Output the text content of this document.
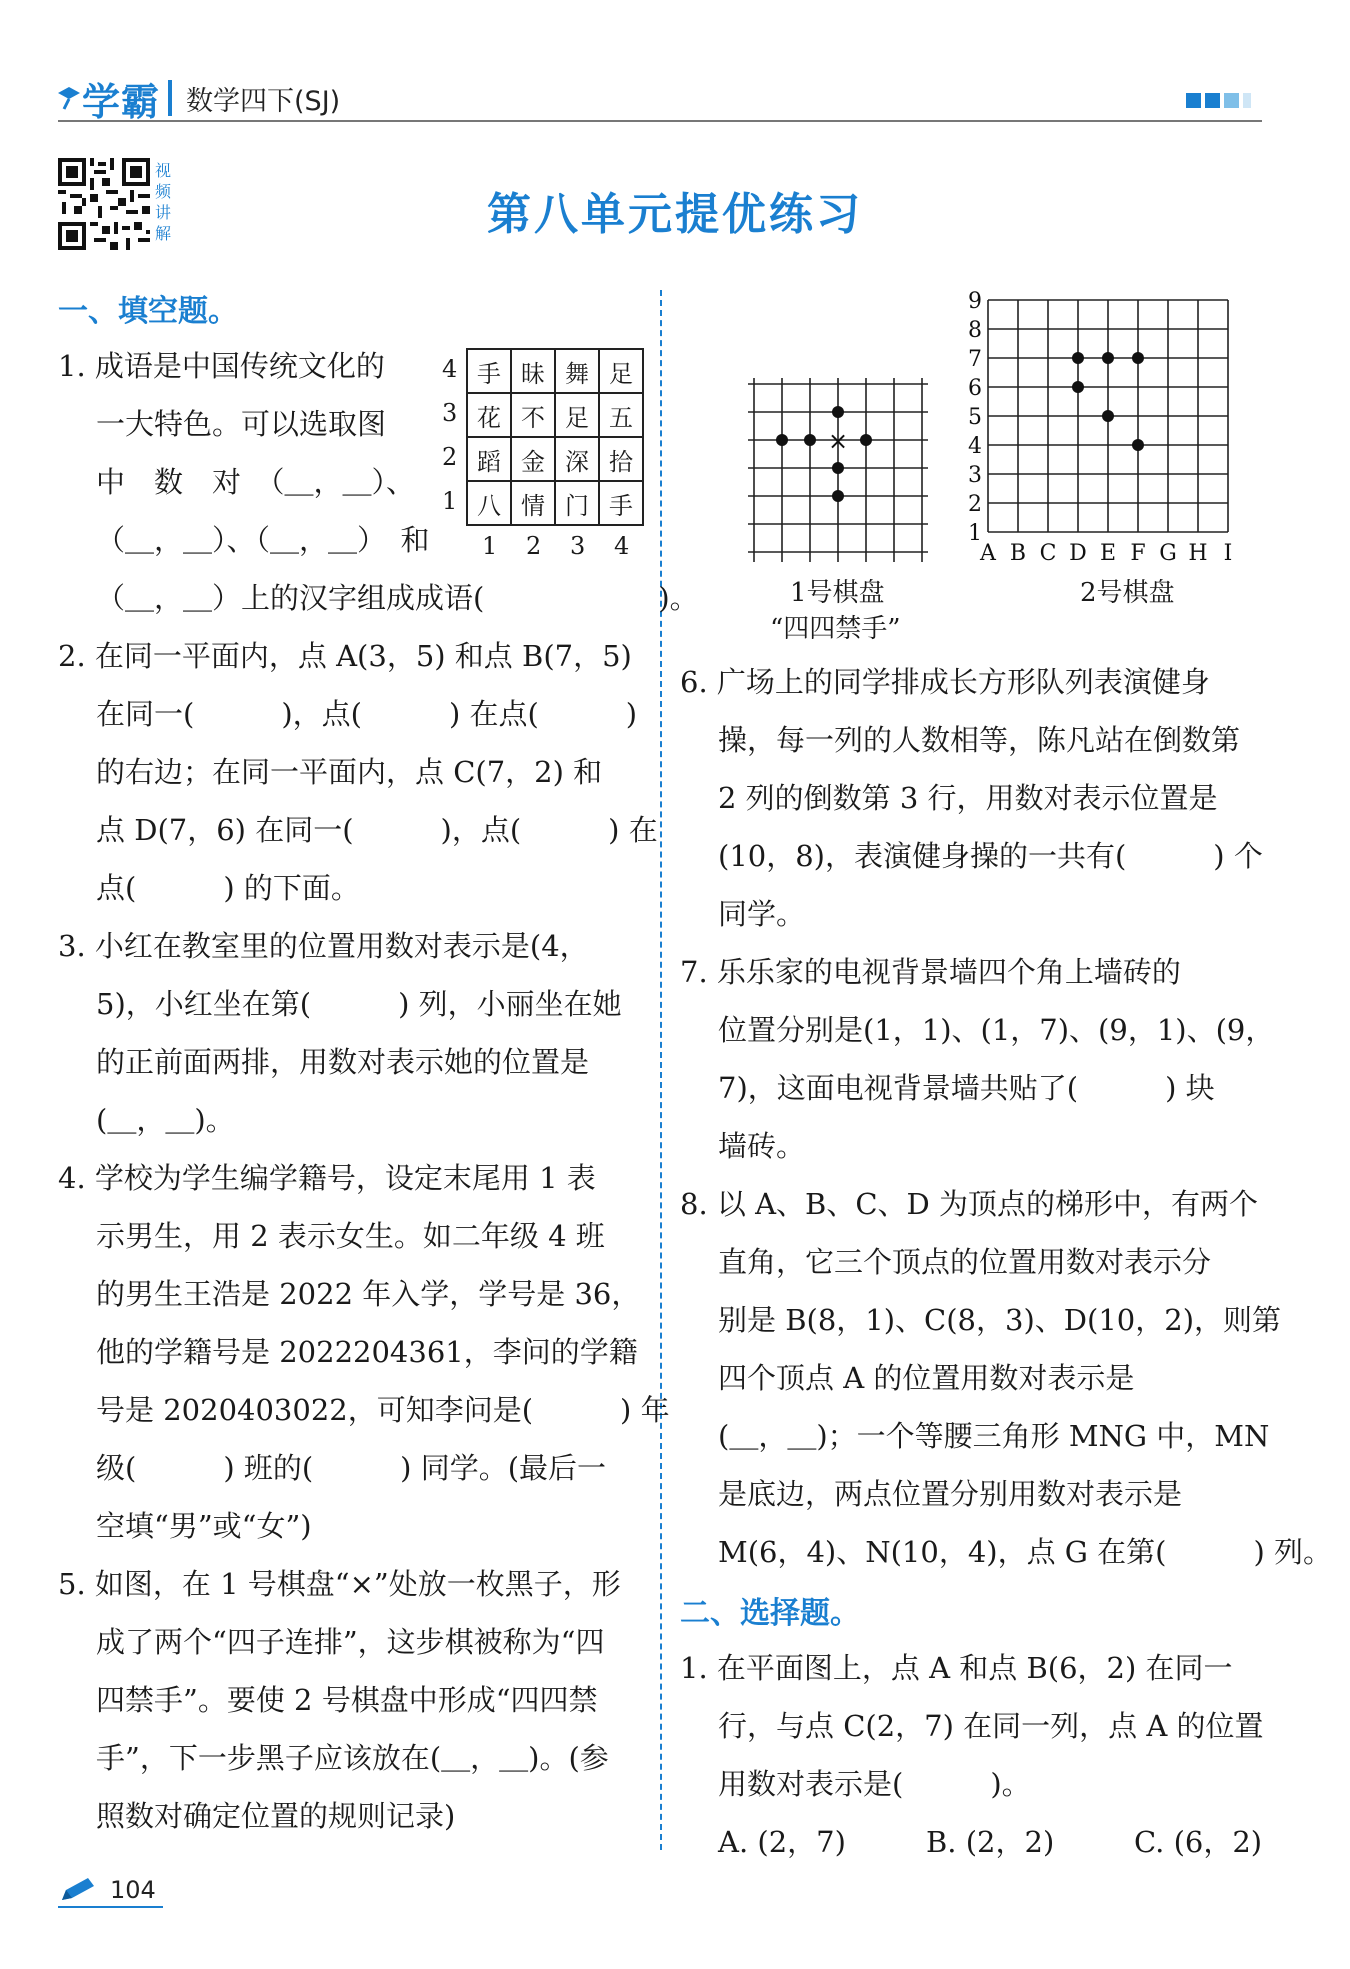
学霸 数学四下(SJ)
视
频
讲
解	第八单元提优练习
一、填空题。
1. 成语是中国传统文化的
一大特色。可以选取图
中　数　对　（＿，＿）、
（＿，＿）、（＿，＿）　和
（＿，＿）上的汉字组成成语(　　　　　　)。
2. 在同一平面内，点 A(3，5) 和点 B(7，5)
在同一(　　　)，点(　　　) 在点(　　　)
的右边；在同一平面内，点 C(7，2) 和
点 D(7，6) 在同一(　　　)，点(　　　) 在
点(　　　) 的下面。
3. 小红在教室里的位置用数对表示是(4，
5)，小红坐在第(　　　) 列，小丽坐在她
的正前面两排，用数对表示她的位置是
(＿，＿)。
4. 学校为学生编学籍号，设定末尾用 1 表
示男生，用 2 表示女生。如二年级 4 班
的男生王浩是 2022 年入学，学号是 36，
他的学籍号是 2022204361，李问的学籍
号是 2020403022，可知李问是(　　　) 年
级(　　　) 班的(　　　) 同学。(最后一
空填“男”或“女”)
5. 如图，在 1 号棋盘“×”处放一枚黑子，形
成了两个“四子连排”，这步棋被称为“四
四禁手”。要使 2 号棋盘中形成“四四禁
手”，下一步黑子应该放在(＿，＿)。(参
照数对确定位置的规则记录)
4
3
2
1
手	昧	舞	足
花	不	足	五
蹈	金	深	拾
八	情	门	手
1 2 3 4
×
1号棋盘
“四四禁手”
9
8
7
6
5
4
3
2
1
A B C D E F G H I
2号棋盘
6. 广场上的同学排成长方形队列表演健身
操，每一列的人数相等，陈凡站在倒数第
2 列的倒数第 3 行，用数对表示位置是
(10，8)，表演健身操的一共有(　　　) 个
同学。
7. 乐乐家的电视背景墙四个角上墙砖的
位置分别是(1，1)、(1，7)、(9，1)、(9，
7)，这面电视背景墙共贴了(　　　) 块
墙砖。
8. 以 A、B、C、D 为顶点的梯形中，有两个
直角，它三个顶点的位置用数对表示分
别是 B(8，1)、C(8，3)、D(10，2)，则第
四个顶点 A 的位置用数对表示是
(＿，＿)；一个等腰三角形 MNG 中，MN
是底边，两点位置分别用数对表示是
M(6，4)、N(10，4)，点 G 在第(　　　) 列。
二、选择题。
1. 在平面图上，点 A 和点 B(6，2) 在同一
行，与点 C(2，7) 在同一列，点 A 的位置
用数对表示是(　　　)。
A. (2，7)	B. (2，2)	C. (6，2)
104
